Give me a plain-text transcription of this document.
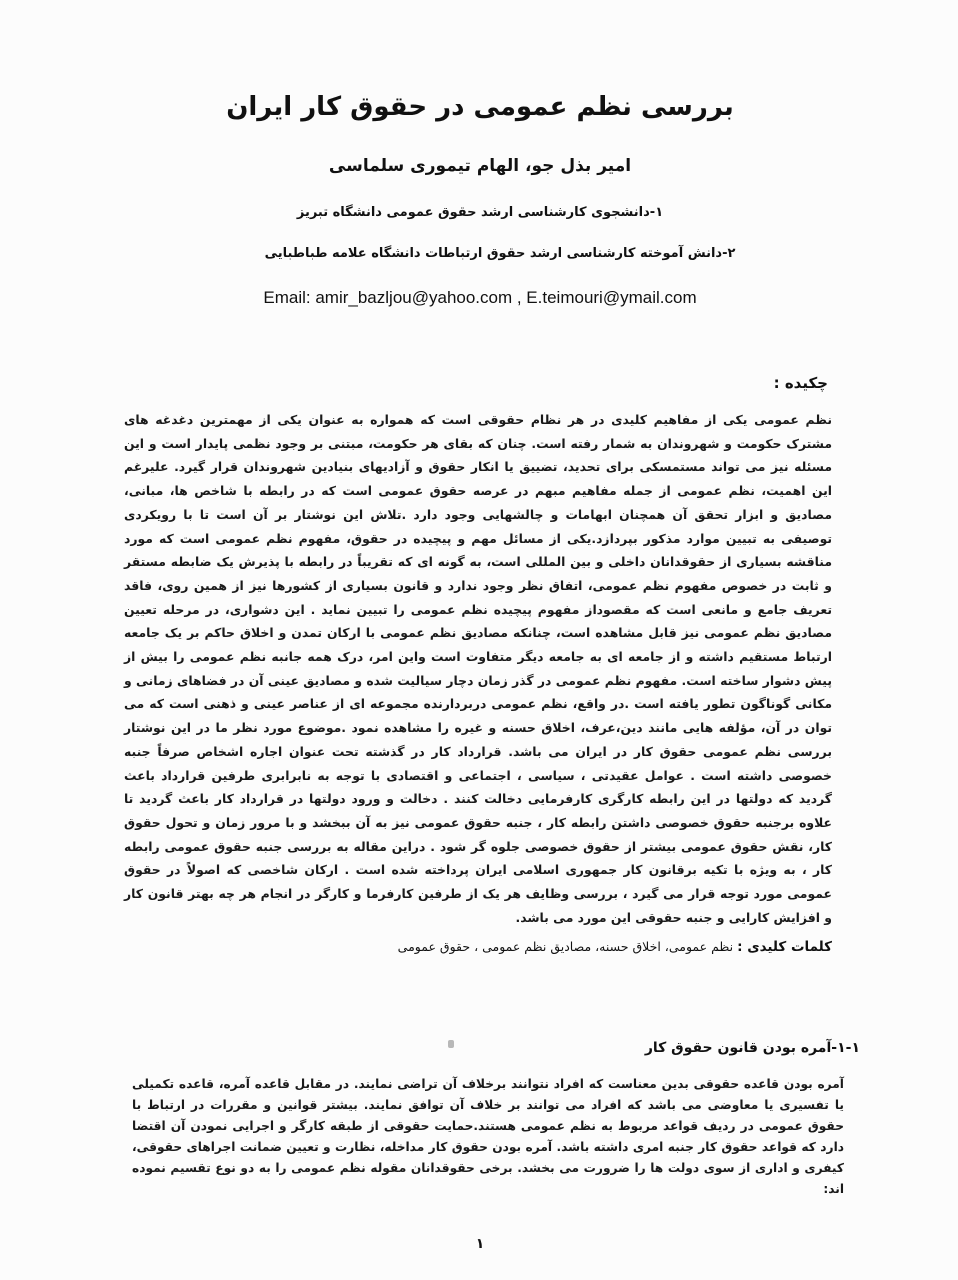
بررسی نظم عمومی در حقوق کار ایران
امیر بذل جو، الهام تیموری سلماسی
۱-دانشجوی کارشناسی ارشد حقوق عمومی دانشگاه تبریز
۲-دانش آموخته کارشناسی ارشد حقوق ارتباطات دانشگاه علامه طباطبایی
Email: amir_bazljou@yahoo.com , E.teimouri@ymail.com
چکیده :
نظم عمومی یکی از مفاهیم کلیدی در هر نظام حقوقی است که همواره به عنوان یکی از مهمترین دغدغه های مشترک حکومت و شهروندان به شمار رفته است. چنان که بقای هر حکومت، مبتنی بر وجود نظمی پایدار است و این مسئله نیز می تواند مستمسکی برای تحدید، تضییق یا انکار حقوق و آزادیهای بنیادین شهروندان قرار گیرد. علیرغم این اهمیت، نظم عمومی از جمله مفاهیم مبهم در عرصه حقوق عمومی است که در رابطه با شاخص ها، مبانی، مصادیق و ابزار تحقق آن همچنان ابهامات و چالشهایی وجود دارد .تلاش این نوشتار بر آن است تا با رویکردی توصیفی به تبیین موارد مذکور بپردازد.یکی از مسائل مهم و پیچیده در حقوق، مفهوم نظم عمومی است که مورد مناقشه بسیاری از حقوقدانان داخلی و بین المللی است، به گونه ای که تقریباً در رابطه با پذیرش یک ضابطه مستقر و ثابت در خصوص مفهوم نظم عمومی، اتفاق نظر وجود ندارد و قانون بسیاری از کشورها نیز از همین روی، فاقد تعریف جامع و مانعی است که مقصوداز مفهوم پیچیده نظم عمومی را تبیین نماید . این دشواری، در مرحله تعیین مصادیق نظم عمومی نیز قابل مشاهده است، چنانکه مصادیق نظم عمومی با ارکان تمدن و اخلاق حاکم بر یک جامعه ارتباط مستقیم داشته و از جامعه ای به جامعه دیگر متفاوت است واین امر، درک همه جانبه نظم عمومی را بیش از پیش دشوار ساخته است. مفهوم نظم عمومی در گذر زمان دچار سیالیت شده و مصادیق عینی آن در فضاهای زمانی و مکانی گوناگون تطور یافته است .در واقع، نظم عمومی دربردارنده مجموعه ای از عناصر عینی و ذهنی است که می توان در آن، مؤلفه هایی مانند دین،عرف، اخلاق حسنه و غیره را مشاهده نمود .موضوع مورد نظر ما در این نوشتار بررسی نظم عمومی حقوق کار در ایران می باشد. قرارداد کار در گذشته تحت عنوان اجاره اشخاص صرفاً جنبه خصوصی داشته است . عوامل عقیدتی ، سیاسی ، اجتماعی و اقتصادی با توجه به نابرابری طرفین قرارداد باعث گردید که دولتها در این رابطه کارگری کارفرمایی دخالت کنند . دخالت و ورود دولتها در قرارداد کار باعث گردید تا علاوه برجنبه حقوق خصوصی داشتن رابطه کار ، جنبه حقوق عمومی نیز به آن ببخشد و با مرور زمان و تحول حقوق کار، نقش حقوق عمومی بیشتر از حقوق خصوصی جلوه گر شود . دراین مقاله به بررسی جنبه حقوق عمومی رابطه کار ، به ویژه با تکیه برقانون کار جمهوری اسلامی ایران پرداخته شده است . ارکان شاخصی که اصولاً در حقوق عمومی مورد توجه قرار می گیرد ، بررسی وظایف هر یک از طرفین کارفرما و کارگر در انجام هر چه بهتر قانون کار و افزایش کارایی و جنبه حقوقی این مورد می باشد.
کلمات کلیدی : نظم عمومی، اخلاق حسنه، مصادیق نظم عمومی ، حقوق عمومی
۱-۱-آمره بودن قانون حقوق کار
آمره بودن قاعده حقوقی بدین معناست که افراد نتوانند برخلاف آن تراضی نمایند. در مقابل قاعده آمره، قاعده تکمیلی یا تفسیری یا معاوضی می باشد که افراد می توانند بر خلاف آن توافق نمایند. بیشتر قوانین و مقررات در ارتباط با حقوق عمومی در ردیف قواعد مربوط به نظم عمومی هستند.حمایت حقوقی از طبقه کارگر و اجرایی نمودن آن اقتضا دارد که قواعد حقوق کار جنبه امری داشته باشد. آمره بودن حقوق کار مداخله، نظارت و تعیین ضمانت اجراهای حقوقی، کیفری و اداری از سوی دولت ها را ضرورت می بخشد. برخی حقوقدانان مقوله نظم عمومی را به دو نوع تقسیم نموده اند:
۱
